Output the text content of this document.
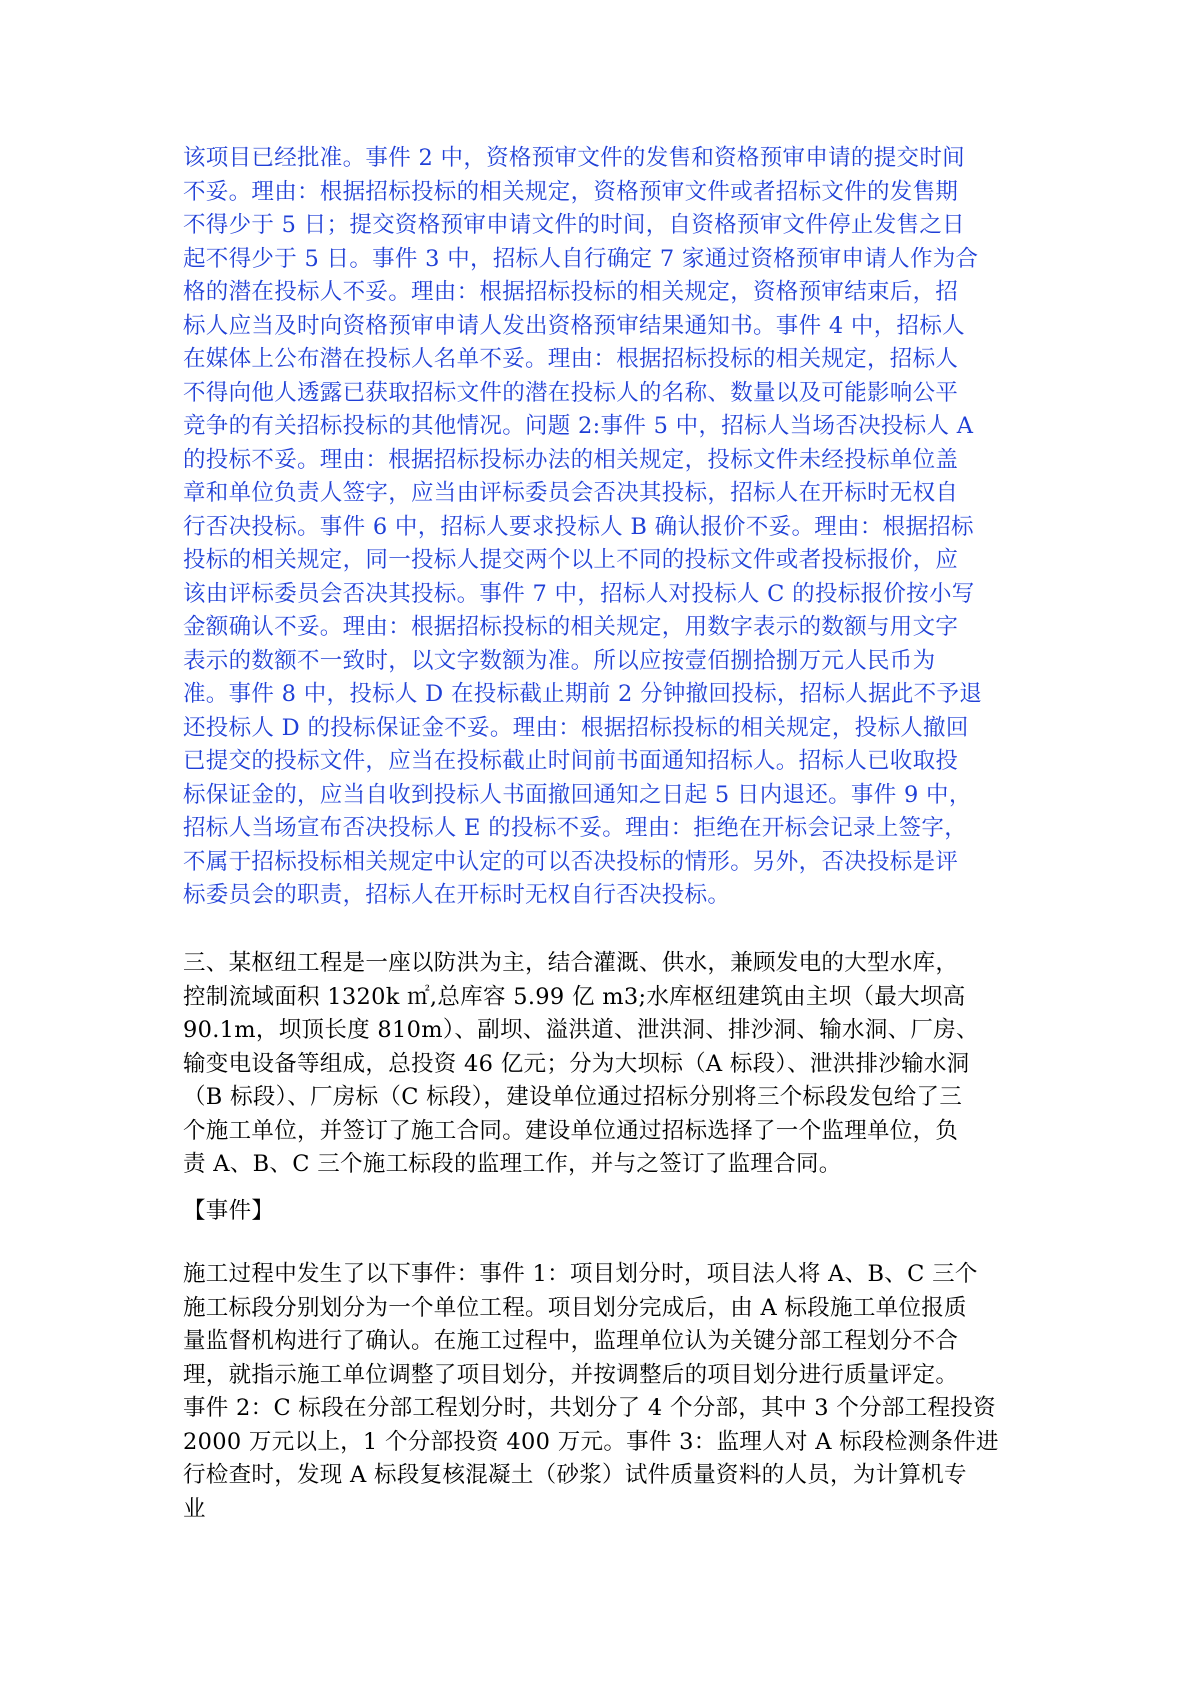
该项目已经批准。事件 2 中，资格预审文件的发售和资格预审申请的提交时间
不妥。理由：根据招标投标的相关规定，资格预审文件或者招标文件的发售期
不得少于 5 日；提交资格预审申请文件的时间，自资格预审文件停止发售之日
起不得少于 5 日。事件 3 中，招标人自行确定 7 家通过资格预审申请人作为合
格的潜在投标人不妥。理由：根据招标投标的相关规定，资格预审结束后，招
标人应当及时向资格预审申请人发出资格预审结果通知书。事件 4 中，招标人
在媒体上公布潜在投标人名单不妥。理由：根据招标投标的相关规定，招标人
不得向他人透露已获取招标文件的潜在投标人的名称、数量以及可能影响公平
竞争的有关招标投标的其他情况。问题 2:事件 5 中，招标人当场否决投标人 A
的投标不妥。理由：根据招标投标办法的相关规定，投标文件未经投标单位盖
章和单位负责人签字，应当由评标委员会否决其投标，招标人在开标时无权自
行否决投标。事件 6 中，招标人要求投标人 B 确认报价不妥。理由：根据招标
投标的相关规定，同一投标人提交两个以上不同的投标文件或者投标报价，应
该由评标委员会否决其投标。事件 7 中，招标人对投标人 C 的投标报价按小写
金额确认不妥。理由：根据招标投标的相关规定，用数字表示的数额与用文字
表示的数额不一致时，以文字数额为准。所以应按壹佰捌拾捌万元人民币为
准。事件 8 中，投标人 D 在投标截止期前 2 分钟撤回投标，招标人据此不予退
还投标人 D 的投标保证金不妥。理由：根据招标投标的相关规定，投标人撤回
已提交的投标文件，应当在投标截止时间前书面通知招标人。招标人已收取投
标保证金的，应当自收到投标人书面撤回通知之日起 5 日内退还。事件 9 中，
招标人当场宣布否决投标人 E 的投标不妥。理由：拒绝在开标会记录上签字，
不属于招标投标相关规定中认定的可以否决投标的情形。另外，否决投标是评
标委员会的职责，招标人在开标时无权自行否决投标。
三、某枢纽工程是一座以防洪为主，结合灌溉、供水，兼顾发电的大型水库，
控制流域面积 1320k ㎡,总库容 5.99 亿 m3;水库枢纽建筑由主坝（最大坝高
90.1m，坝顶长度 810m）、副坝、溢洪道、泄洪洞、排沙洞、输水洞、厂房、
输变电设备等组成，总投资 46 亿元；分为大坝标（A 标段）、泄洪排沙输水洞
（B 标段）、厂房标（C 标段），建设单位通过招标分别将三个标段发包给了三
个施工单位，并签订了施工合同。建设单位通过招标选择了一个监理单位，负
责 A、B、C 三个施工标段的监理工作，并与之签订了监理合同。
【事件】
施工过程中发生了以下事件：事件 1：项目划分时，项目法人将 A、B、C 三个
施工标段分别划分为一个单位工程。项目划分完成后，由 A 标段施工单位报质
量监督机构进行了确认。在施工过程中，监理单位认为关键分部工程划分不合
理，就指示施工单位调整了项目划分，并按调整后的项目划分进行质量评定。
事件 2：C 标段在分部工程划分时，共划分了 4 个分部，其中 3 个分部工程投资
2000 万元以上，1 个分部投资 400 万元。事件 3：监理人对 A 标段检测条件进
行检查时，发现 A 标段复核混凝土（砂浆）试件质量资料的人员，为计算机专
业
